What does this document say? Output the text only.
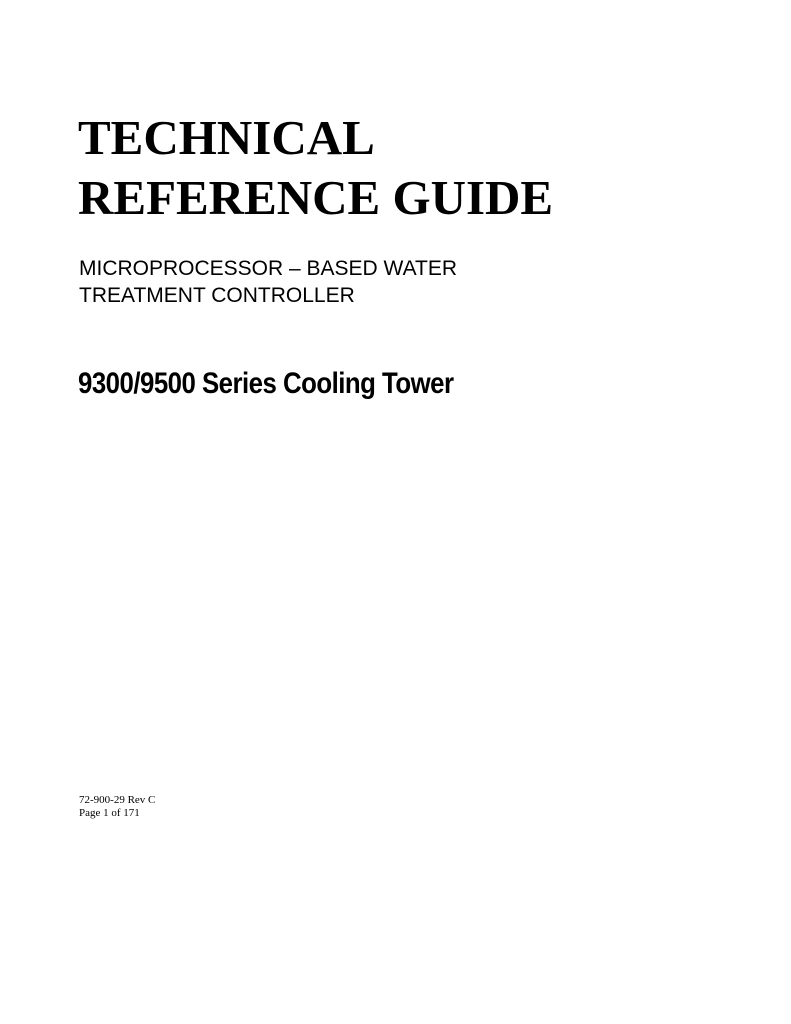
TECHNICAL
REFERENCE GUIDE
MICROPROCESSOR – BASED WATER
TREATMENT CONTROLLER
9300/9500 Series Cooling Tower
72-900-29 Rev C
Page 1 of 171
